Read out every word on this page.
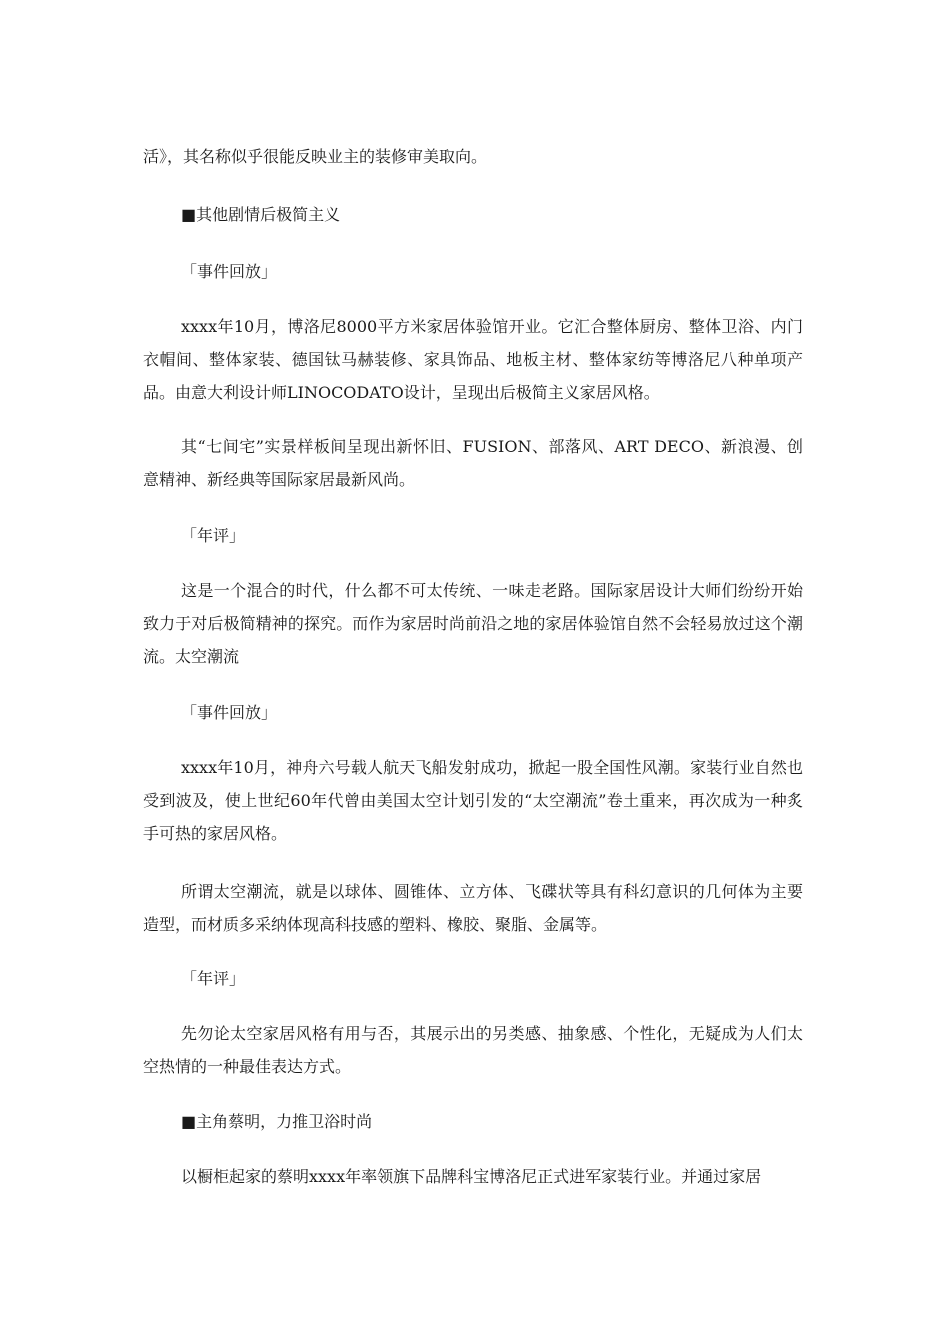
活》，其名称似乎很能反映业主的装修审美取向。

■其他剧情后极简主义

「事件回放」

xxxx年10月，博洛尼8000平方米家居体验馆开业。它汇合整体厨房、整体卫浴、内门衣帽间、整体家装、德国钛马赫装修、家具饰品、地板主材、整体家纺等博洛尼八种单项产品。由意大利设计师LINOCODATO设计，呈现出后极简主义家居风格。

其“七间宅”实景样板间呈现出新怀旧、FUSION、部落风、ART DECO、新浪漫、创意精神、新经典等国际家居最新风尚。

「年评」

这是一个混合的时代，什么都不可太传统、一味走老路。国际家居设计大师们纷纷开始致力于对后极简精神的探究。而作为家居时尚前沿之地的家居体验馆自然不会轻易放过这个潮流。太空潮流

「事件回放」

xxxx年10月，神舟六号载人航天飞船发射成功，掀起一股全国性风潮。家装行业自然也受到波及，使上世纪60年代曾由美国太空计划引发的“太空潮流”卷土重来，再次成为一种炙手可热的家居风格。

所谓太空潮流，就是以球体、圆锥体、立方体、飞碟状等具有科幻意识的几何体为主要造型，而材质多采纳体现高科技感的塑料、橡胶、聚脂、金属等。

「年评」

先勿论太空家居风格有用与否，其展示出的另类感、抽象感、个性化，无疑成为人们太空热情的一种最佳表达方式。

■主角蔡明，力推卫浴时尚

以橱柜起家的蔡明xxxx年率领旗下品牌科宝博洛尼正式进军家装行业。并通过家居
